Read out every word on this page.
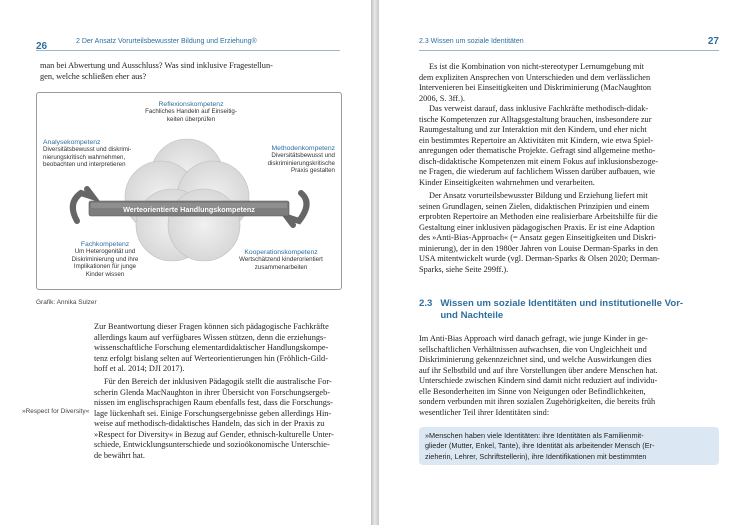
26	2 Der Ansatz Vorurteilsbewusster Bildung und Erziehung®

man bei Abwertung und Ausschluss? Was sind inklusive Fragestellun-

gen, welche schließen eher aus?

Werteorientierte Handlungskompetenz
Reflexionskompetenz
Fachliches Handeln auf Einseitig-
keiten überprüfen
Analysekompetenz
Diversitätsbewusst und diskrimi-
nierungskritisch wahrnehmen,
beobachten und interpretieren
Methodenkompetenz
Diversitätsbewusst und
diskriminierungskritische
Praxis gestalten
Fachkompetenz
Um Heterogenität und
Diskriminierung und ihre
Implikationen für junge
Kinder wissen
Kooperationskompetenz
Wertschätzend kinderorientiert
zusammenarbeiten
Grafik: Annika Sulzer

Zur Beantwortung dieser Fragen können sich pädagogische Fachkräfte

allerdings kaum auf verfügbares Wissen stützen, denn die erziehungs-

wissenschaftliche Forschung elementardidaktischer Handlungskompe-

tenz erfolgt bislang selten auf Werteorientierungen hin (Fröhlich-Gild-

hoff et al. 2014; DJI 2017).

Für den Bereich der inklusiven Pädagogik stellt die australische For-

scherin Glenda MacNaughton in ihrer Übersicht von Forschungsergeb-

nissen im englischsprachigen Raum ebenfalls fest, dass die Forschungs-

lage lückenhaft sei. Einige Forschungsergebnisse geben allerdings Hin-

weise auf methodisch-didaktisches Handeln, das sich in der Praxis zu

»Respect for Diversity« in Bezug auf Gender, ethnisch-kulturelle Unter-

schiede, Entwicklungsunterschiede und sozioökonomische Unterschie-

de bewährt hat.

»Respect for Diversity«
2.3 Wissen um soziale Identitäten	27

Es ist die Kombination von nicht-stereotyper Lernumgebung mit

dem expliziten Ansprechen von Unterschieden und dem verlässlichen

Intervenieren bei Einseitigkeiten und Diskriminierung (MacNaughton

2006, S. 3ff.).

Das verweist darauf, dass inklusive Fachkräfte methodisch-didak-

tische Kompetenzen zur Alltagsgestaltung brauchen, insbesondere zur

Raumgestaltung und zur Interaktion mit den Kindern, und eher nicht

ein bestimmtes Repertoire an Aktivitäten mit Kindern, wie etwa Spiel-

anregungen oder thematische Projekte. Gefragt sind allgemeine metho-

disch-didaktische Kompetenzen mit einem Fokus auf inklusionsbezoge-

ne Fragen, die wiederum auf fachlichem Wissen darüber aufbauen, wie

Kinder Einseitigkeiten wahrnehmen und verarbeiten.

Der Ansatz vorurteilsbewusster Bildung und Erziehung liefert mit

seinen Grundlagen, seinen Zielen, didaktischen Prinzipien und einem

erprobten Repertoire an Methoden eine realisierbare Arbeitshilfe für die

Gestaltung einer inklusiven pädagogischen Praxis. Er ist eine Adaption

des »Anti-Bias-Approach« (= Ansatz gegen Einseitigkeiten und Diskri-

minierung), der in den 1980er Jahren von Louise Derman-Sparks in den

USA mitentwickelt wurde (vgl. Derman-Sparks & Olsen 2020; Derman-

Sparks, siehe Seite 299ff.).

2.3   Wissen um soziale Identitäten und institutionelle Vor-
und Nachteile

Im Anti-Bias Approach wird danach gefragt, wie junge Kinder in ge-

sellschaftlichen Verhältnissen aufwachsen, die von Ungleichheit und

Diskriminierung gekennzeichnet sind, und welche Auswirkungen dies

auf ihr Selbstbild und auf ihre Vorstellungen über andere Menschen hat.

Unterschiede zwischen Kindern sind damit nicht reduziert auf individu-

elle Besonderheiten im Sinne von Neigungen oder Befindlichkeiten,

sondern verbunden mit ihren sozialen Zugehörigkeiten, die bereits früh

wesentlicher Teil ihrer Identitäten sind:

»Menschen haben viele Identitäten: ihre Identitäten als Familienmit-
glieder (Mutter, Enkel, Tante), ihre Identität als arbeitender Mensch (Er-
zieherin, Lehrer, Schriftstellerin), ihre Identifikationen mit bestimmten
